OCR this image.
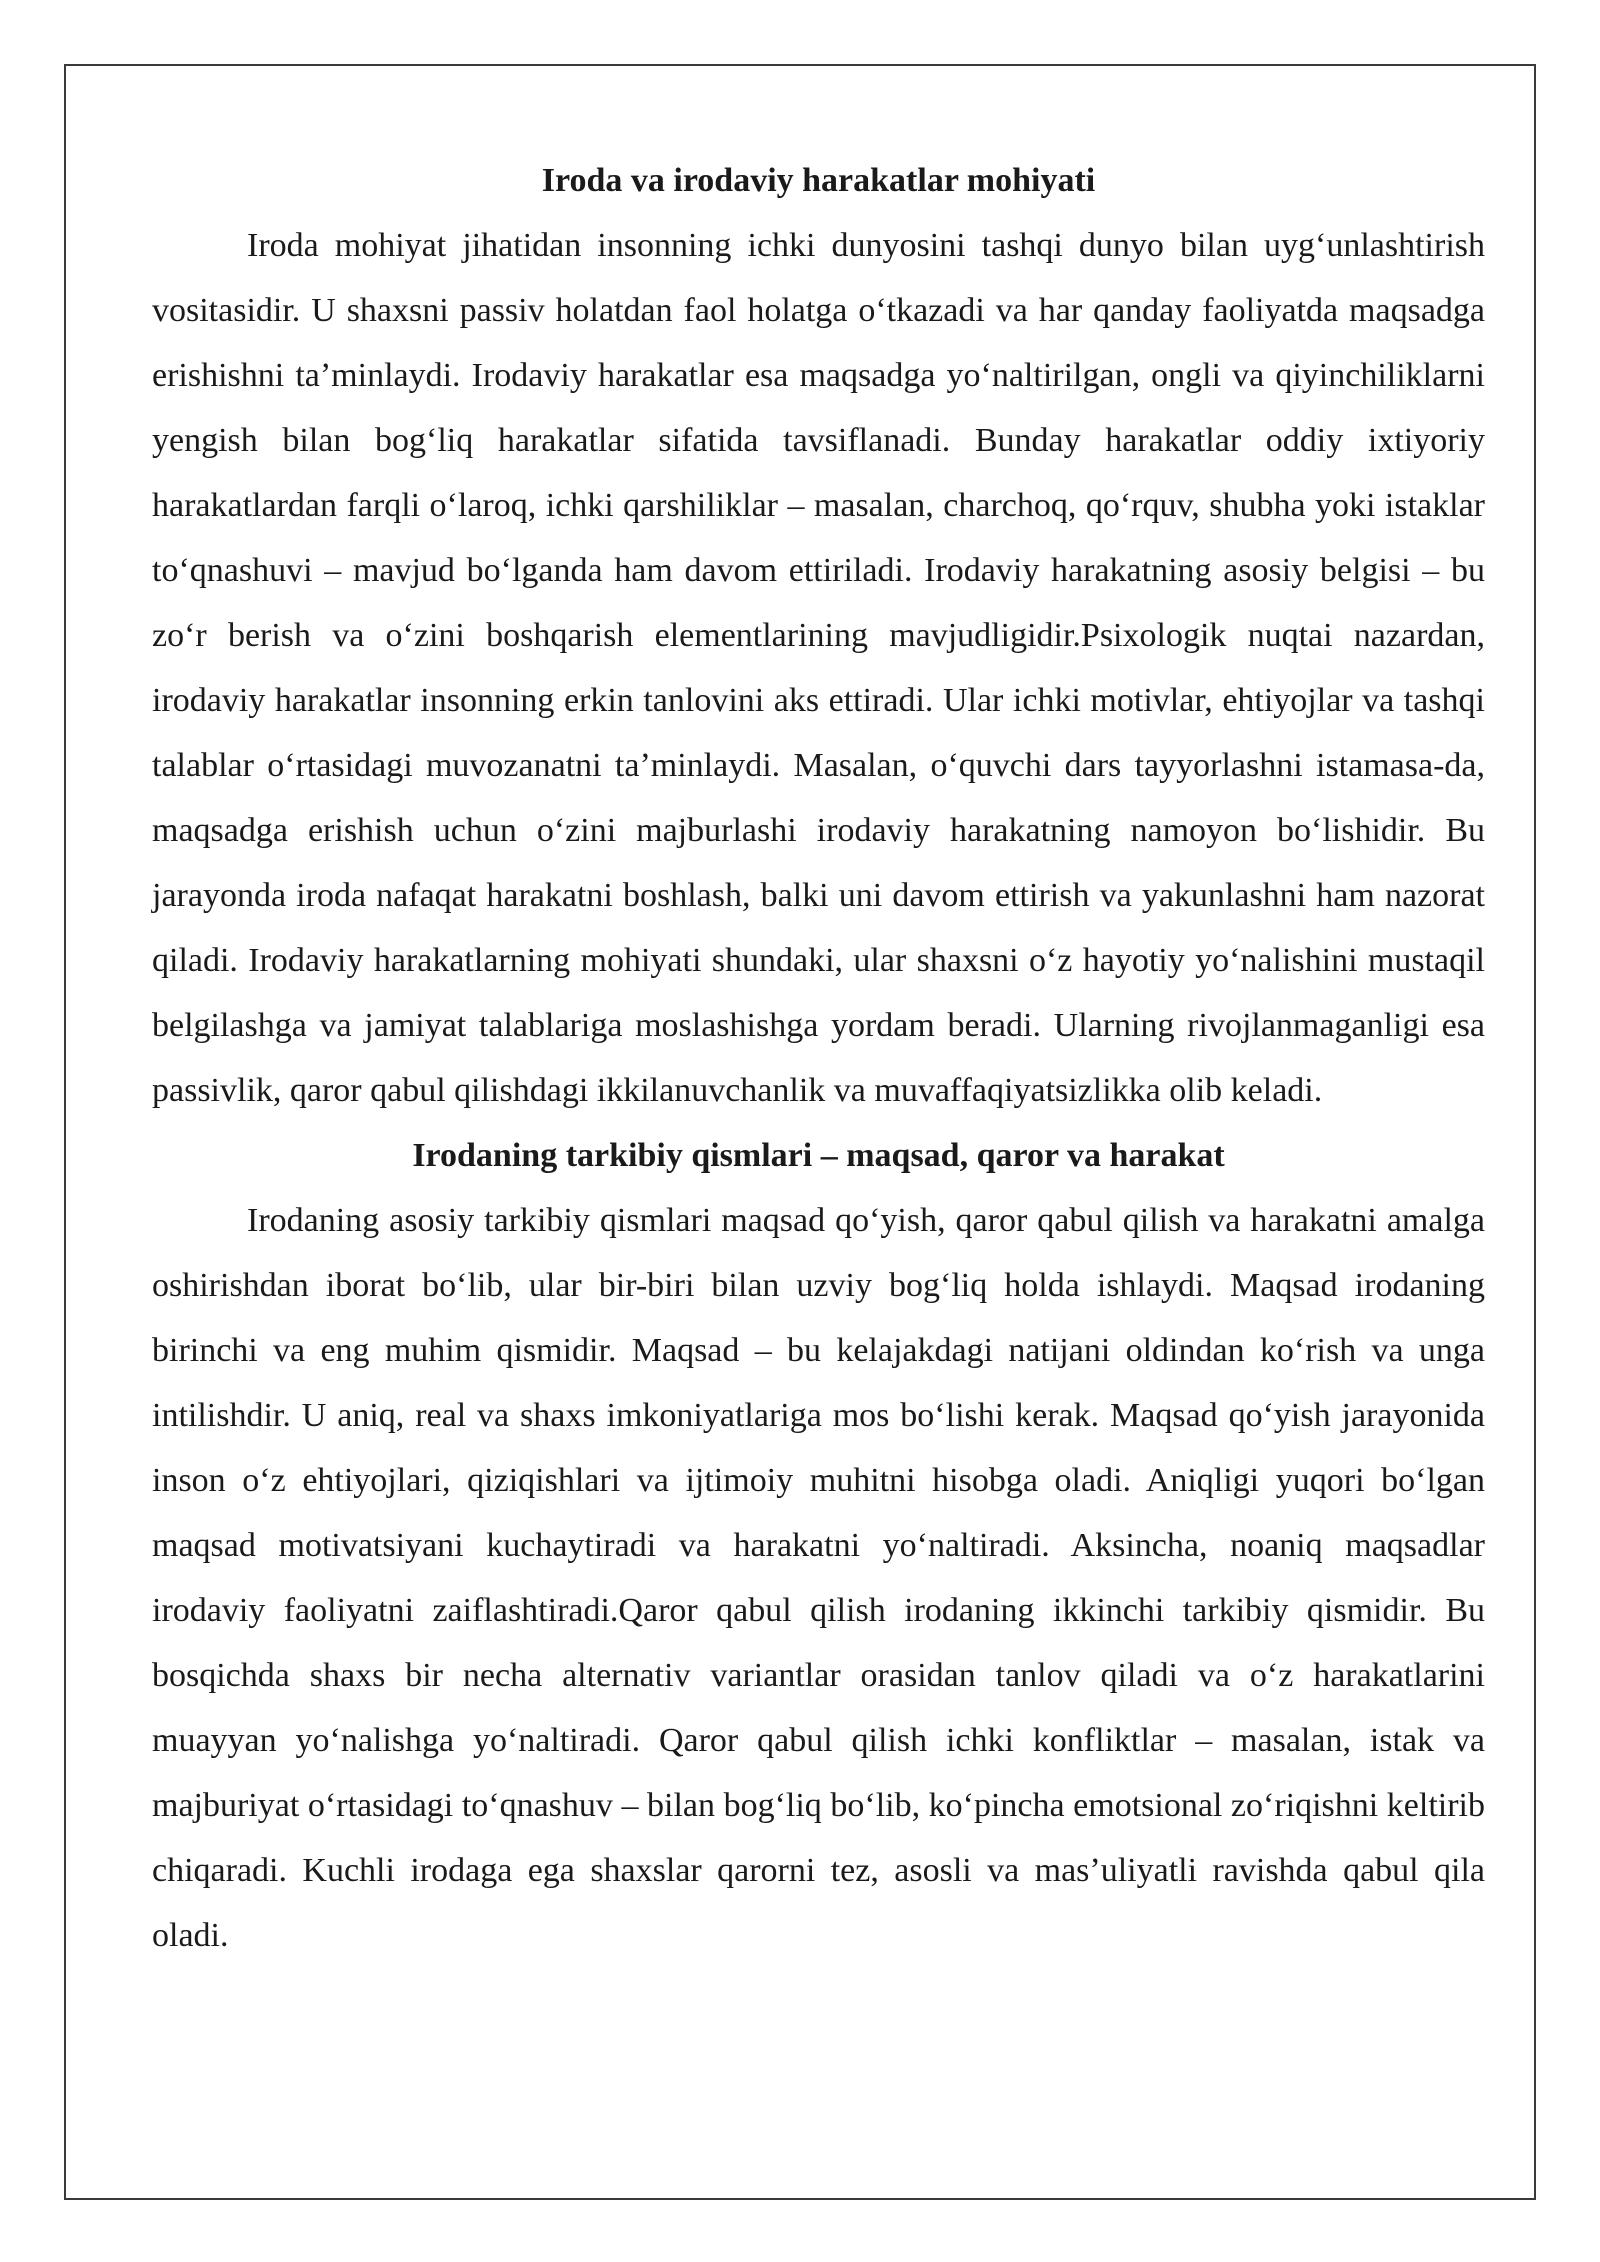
Iroda va irodaviy harakatlar mohiyati

Iroda mohiyat jihatidan insonning ichki dunyosini tashqi dunyo bilan uygʻunlashtirish vositasidir. U shaxsni passiv holatdan faol holatga oʻtkazadi va har qanday faoliyatda maqsadga erishishni taʼminlaydi. Irodaviy harakatlar esa maqsadga yoʻnaltirilgan, ongli va qiyinchiliklarni yengish bilan bogʻliq harakatlar sifatida tavsiflanadi. Bunday harakatlar oddiy ixtiyoriy harakatlardan farqli oʻlaroq, ichki qarshiliklar – masalan, charchoq, qoʻrquv, shubha yoki istaklar toʻqnashuvi – mavjud boʻlganda ham davom ettiriladi. Irodaviy harakatning asosiy belgisi – bu zoʻr berish va oʻzini boshqarish elementlarining mavjudligidir.Psixologik nuqtai nazardan, irodaviy harakatlar insonning erkin tanlovini aks ettiradi. Ular ichki motivlar, ehtiyojlar va tashqi talablar oʻrtasidagi muvozanatni taʼminlaydi. Masalan, oʻquvchi dars tayyorlashni istamasa-da, maqsadga erishish uchun oʻzini majburlashi irodaviy harakatning namoyon boʻlishidir. Bu jarayonda iroda nafaqat harakatni boshlash, balki uni davom ettirish va yakunlashni ham nazorat qiladi. Irodaviy harakatlarning mohiyati shundaki, ular shaxsni oʻz hayotiy yoʻnalishini mustaqil belgilashga va jamiyat talablariga moslashishga yordam beradi. Ularning rivojlanmaganligi esa passivlik, qaror qabul qilishdagi ikkilanuvchanlik va muvaffaqiyatsizlikka olib keladi.

Irodaning tarkibiy qismlari – maqsad, qaror va harakat

Irodaning asosiy tarkibiy qismlari maqsad qoʻyish, qaror qabul qilish va harakatni amalga oshirishdan iborat boʻlib, ular bir-biri bilan uzviy bogʻliq holda ishlaydi. Maqsad irodaning birinchi va eng muhim qismidir. Maqsad – bu kelajakdagi natijani oldindan koʻrish va unga intilishdir. U aniq, real va shaxs imkoniyatlariga mos boʻlishi kerak. Maqsad qoʻyish jarayonida inson oʻz ehtiyojlari, qiziqishlari va ijtimoiy muhitni hisobga oladi. Aniqligi yuqori boʻlgan maqsad motivatsiyani kuchaytiradi va harakatni yoʻnaltiradi. Aksincha, noaniq maqsadlar irodaviy faoliyatni zaiflashtiradi.Qaror qabul qilish irodaning ikkinchi tarkibiy qismidir. Bu bosqichda shaxs bir necha alternativ variantlar orasidan tanlov qiladi va oʻz harakatlarini muayyan yoʻnalishga yoʻnaltiradi. Qaror qabul qilish ichki konfliktlar – masalan, istak va majburiyat oʻrtasidagi toʻqnashuv – bilan bogʻliq boʻlib, koʻpincha emotsional zoʻriqishni keltirib chiqaradi. Kuchli irodaga ega shaxslar qarorni tez, asosli va masʼuliyatli ravishda qabul qila oladi.
